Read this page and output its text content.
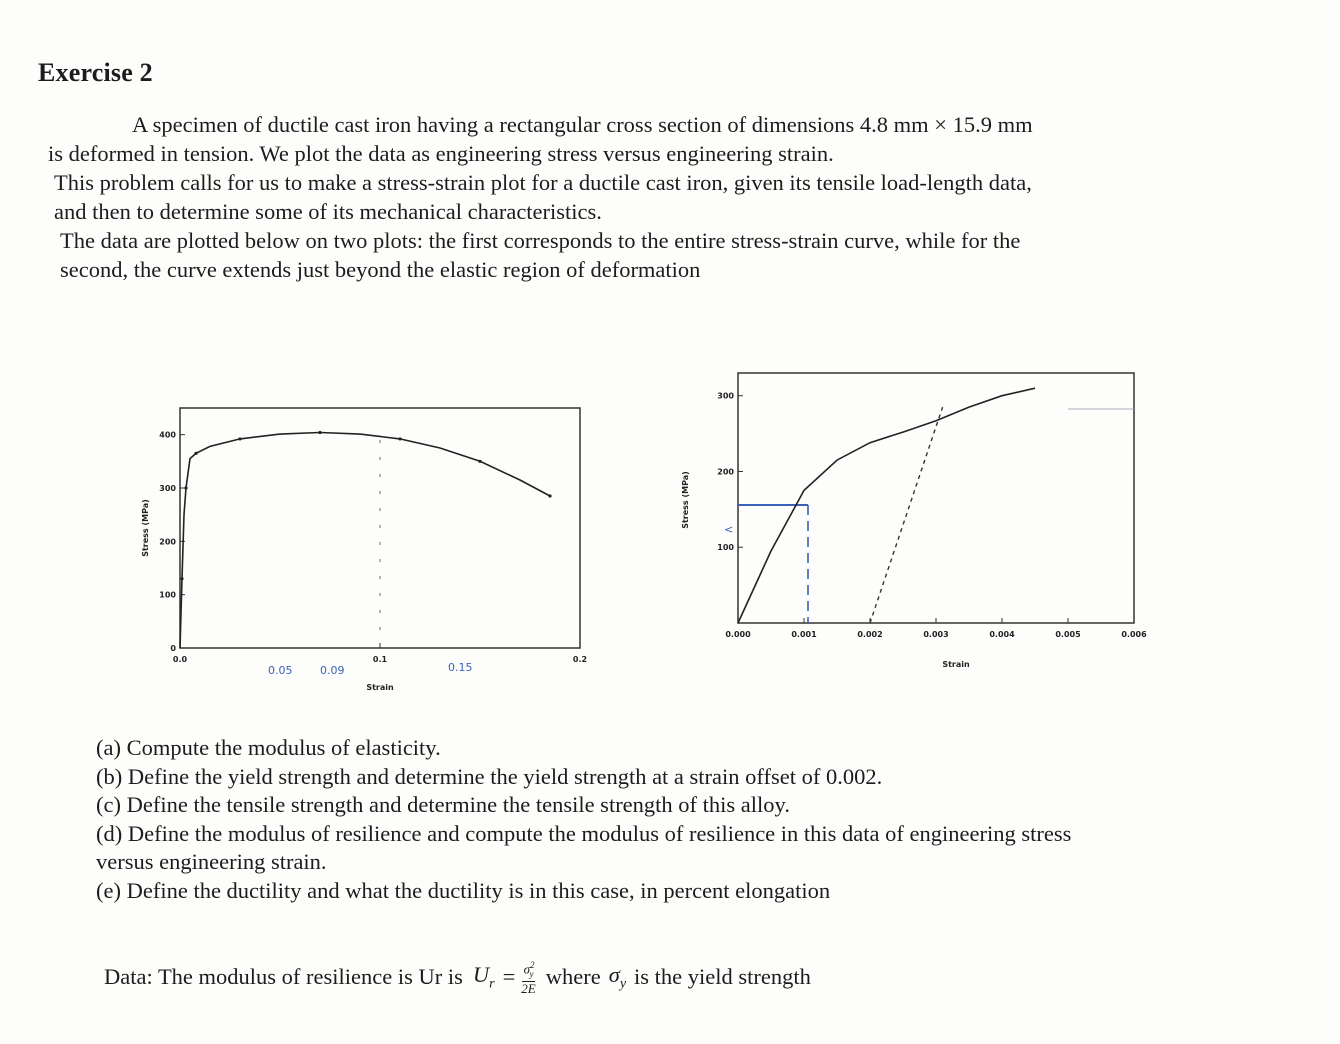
Exercise 2

A specimen of ductile cast iron having a rectangular cross section of dimensions 4.8 mm × 15.9 mm

is deformed in tension. We plot the data as engineering stress versus engineering strain.

This problem calls for us to make a stress-strain plot for a ductile cast iron, given its tensile load-length data,

and then to determine some of its mechanical characteristics.

The data are plotted below on two plots: the first corresponds to the entire stress-strain curve, while for the

second, the curve extends just beyond the elastic region of deformation

0
100
200
300
400
0.0	0.1	0.2
Strain
Stress (MPa)
0.05	0.09	0.15
100
200
300
0.000	0.001	0.002	0.003	0.004	0.005	0.006
<
Strain
Stress (MPa)

(a) Compute the modulus of elasticity.

(b) Define the yield strength and determine the yield strength at a strain offset of 0.002.

(c) Define the tensile strength and determine the tensile strength of this alloy.

(d) Define the modulus of resilience and compute the modulus of resilience in this data of engineering stress

versus engineering strain.

(e) Define the ductility and what the ductility is in this case, in percent elongation

Data: The modulus of resilience is Ur is $U_r = \frac{\sigma^2_y}{2E}$ where $\sigma_y$ is the yield strength
